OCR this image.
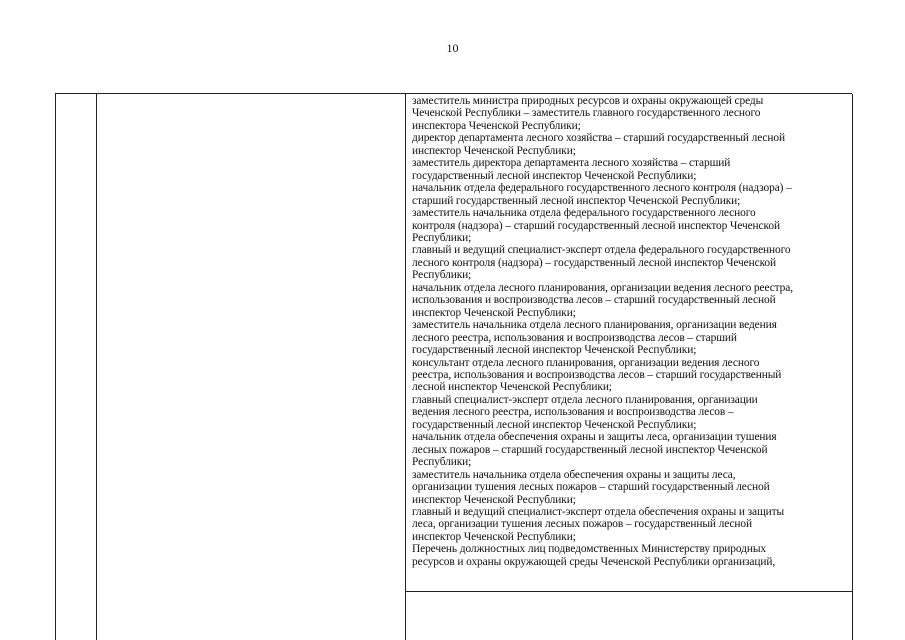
10
заместитель министра природных ресурсов и охраны окружающей среды
Чеченской Республики – заместитель главного государственного лесного
инспектора Чеченской Республики;
директор департамента лесного хозяйства – старший государственный лесной
инспектор Чеченской Республики;
заместитель директора департамента лесного хозяйства – старший
государственный лесной инспектор Чеченской Республики;
начальник отдела федерального государственного лесного контроля (надзора) –
старший государственный лесной инспектор Чеченской Республики;
заместитель начальника отдела федерального государственного лесного
контроля (надзора) – старший государственный лесной инспектор Чеченской
Республики;
главный и ведущий специалист-эксперт отдела федерального государственного
лесного контроля (надзора) – государственный лесной инспектор Чеченской
Республики;
начальник отдела лесного планирования, организации ведения лесного реестра,
использования и воспроизводства лесов – старший государственный лесной
инспектор Чеченской Республики;
заместитель начальника отдела лесного планирования, организации ведения
лесного реестра, использования и воспроизводства лесов – старший
государственный лесной инспектор Чеченской Республики;
консультант отдела лесного планирования, организации ведения лесного
реестра, использования и воспроизводства лесов – старший государственный
лесной инспектор Чеченской Республики;
главный специалист-эксперт отдела лесного планирования, организации
ведения лесного реестра, использования и воспроизводства лесов –
государственный лесной инспектор Чеченской Республики;
начальник отдела обеспечения охраны и защиты леса, организации тушения
лесных пожаров – старший государственный лесной инспектор Чеченской
Республики;
заместитель начальника отдела обеспечения охраны и защиты леса,
организации тушения лесных пожаров – старший государственный лесной
инспектор Чеченской Республики;
главный и ведущий специалист-эксперт отдела обеспечения охраны и защиты
леса, организации тушения лесных пожаров – государственный лесной
инспектор Чеченской Республики;
Перечень должностных лиц подведомственных Министерству природных
ресурсов и охраны окружающей среды Чеченской Республики организаций,
